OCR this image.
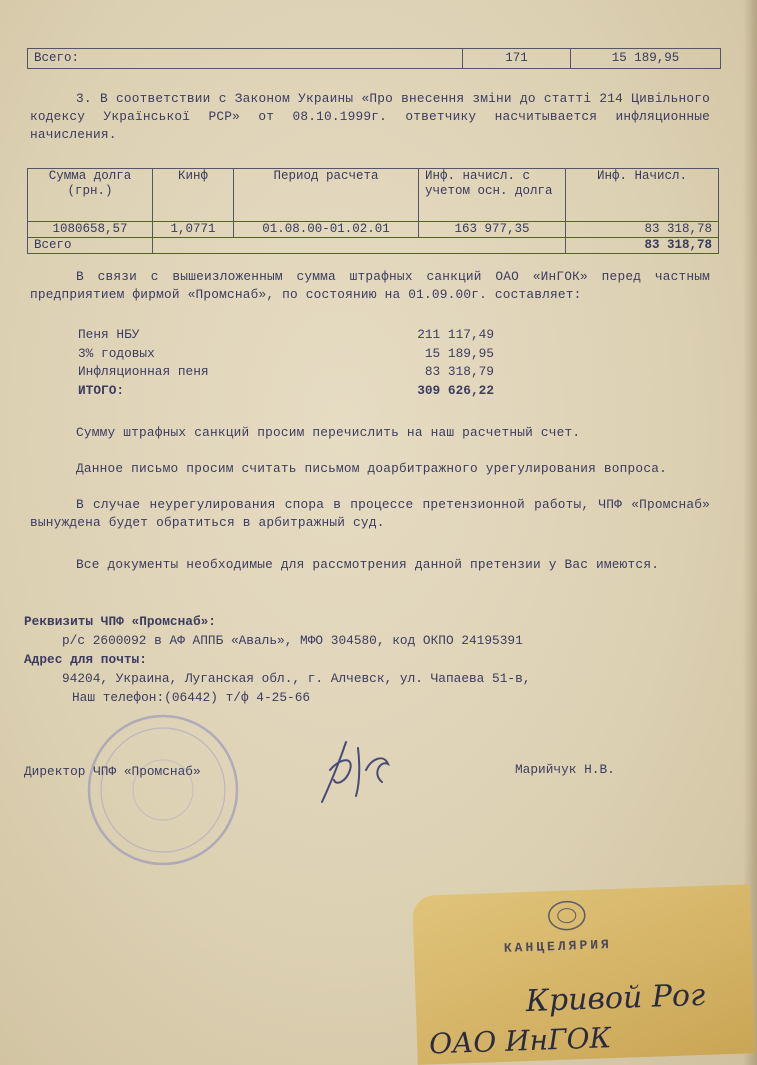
Всего:	171	15 189,95

3. В соответствии с Законом Украины «Про внесення зміни до статті 214 Цивільного кодексу Української РСР» от 08.10.1999г. ответчику насчитывается инфляционные начисления.

Сумма долга (грн.)	Кинф	Период расчета	Инф. начисл. с учетом осн. долга	Инф. Начисл.
1080658,57	1,0771	01.08.00-01.02.01	163 977,35	83 318,78
Всего				83 318,78

В связи с вышеизложенным сумма штрафных санкций ОАО «ИнГОК» перед частным предприятием фирмой «Промснаб», по состоянию на 01.09.00г. составляет:

Пеня НБУ	211 117,49
3% годовых	15 189,95
Инфляционная пеня	83 318,79
ИТОГО:	309 626,22

Сумму штрафных санкций просим перечислить на наш расчетный счет.

Данное письмо просим считать письмом доарбитражного урегулирования вопроса.

В случае неурегулирования спора в процессе претензионной работы, ЧПФ «Промснаб» вынуждена будет обратиться в арбитражный суд.

Все документы необходимые для рассмотрения данной претензии у Вас имеются.

Реквизиты ЧПФ «Промснаб»:
р/с 2600092 в АФ АППБ «Аваль», МФО 304580, код ОКПО 24195391
Адрес для почты:
94204, Украина, Луганская обл., г. Алчевск, ул. Чапаева 51-в,
Наш телефон:(06442) т/ф 4-25-66
Директор ЧПФ «Промснаб»	Марийчук Н.В.
КАНЦЕЛЯРИЯ
Кривой Рог
ОАО ИнГОК
